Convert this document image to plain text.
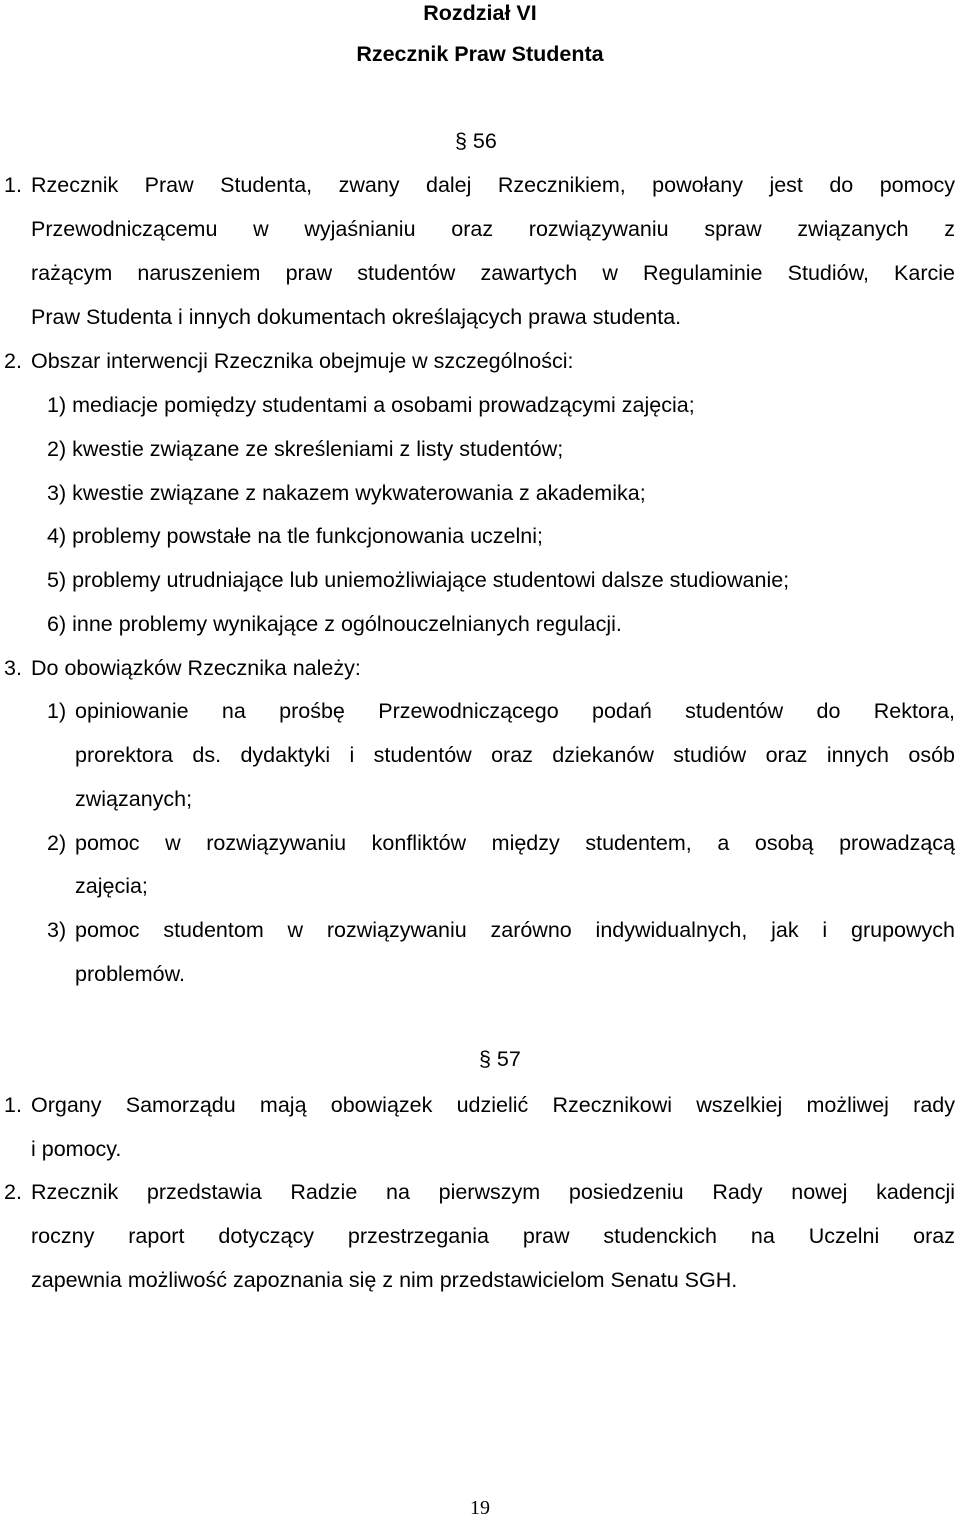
Rozdział VI
Rzecznik Praw Studenta
§ 56
1. Rzecznik Praw Studenta, zwany dalej Rzecznikiem, powołany jest do pomocy
Przewodniczącemu w wyjaśnianiu oraz rozwiązywaniu spraw związanych z
rażącym naruszeniem praw studentów zawartych w Regulaminie Studiów, Karcie
Praw Studenta i innych dokumentach określających prawa studenta.
2. Obszar interwencji Rzecznika obejmuje w szczególności:
1) mediacje pomiędzy studentami a osobami prowadzącymi zajęcia;
2) kwestie związane ze skreśleniami z listy studentów;
3) kwestie związane z nakazem wykwaterowania z akademika;
4) problemy powstałe na tle funkcjonowania uczelni;
5) problemy utrudniające lub uniemożliwiające studentowi dalsze studiowanie;
6) inne problemy wynikające z ogólnouczelnianych regulacji.
3. Do obowiązków Rzecznika należy:
1) opiniowanie na prośbę Przewodniczącego podań studentów do Rektora,
prorektora ds. dydaktyki i studentów oraz dziekanów studiów oraz innych osób
związanych;
2) pomoc w rozwiązywaniu konfliktów między studentem, a osobą prowadzącą
zajęcia;
3) pomoc studentom w rozwiązywaniu zarówno indywidualnych, jak i grupowych
problemów.
§ 57
1. Organy Samorządu mają obowiązek udzielić Rzecznikowi wszelkiej możliwej rady
i pomocy.
2. Rzecznik przedstawia Radzie na pierwszym posiedzeniu Rady nowej kadencji
roczny raport dotyczący przestrzegania praw studenckich na Uczelni oraz
zapewnia możliwość zapoznania się z nim przedstawicielom Senatu SGH.
19
